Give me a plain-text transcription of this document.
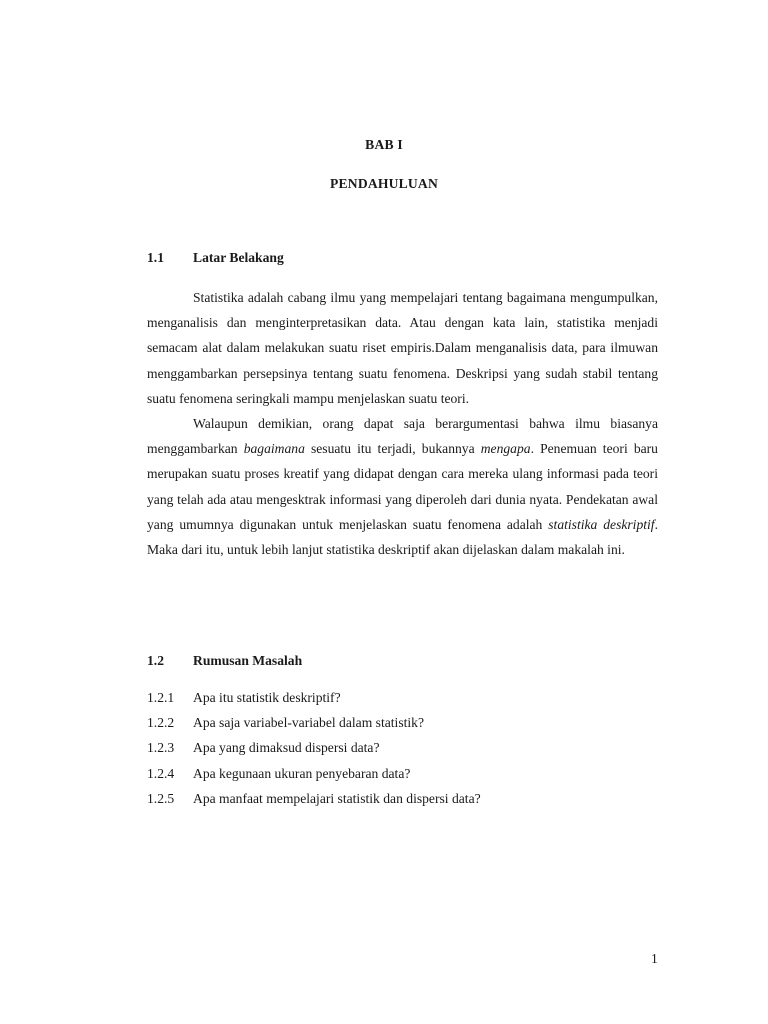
BAB I
PENDAHULUAN
1.1 Latar Belakang

Statistika adalah cabang ilmu yang mempelajari tentang bagaimana mengumpulkan, menganalisis dan menginterpretasikan data. Atau dengan kata lain, statistika menjadi semacam alat dalam melakukan suatu riset empiris.Dalam menganalisis data, para ilmuwan menggambarkan persepsinya tentang suatu fenomena. Deskripsi yang sudah stabil tentang suatu fenomena seringkali mampu menjelaskan suatu teori.

Walaupun demikian, orang dapat saja berargumentasi bahwa ilmu biasanya menggambarkan bagaimana sesuatu itu terjadi, bukannya mengapa. Penemuan teori baru merupakan suatu proses kreatif yang didapat dengan cara mereka ulang informasi pada teori yang telah ada atau mengesktrak informasi yang diperoleh dari dunia nyata. Pendekatan awal yang umumnya digunakan untuk menjelaskan suatu fenomena adalah statistika deskriptif. Maka dari itu, untuk lebih lanjut statistika deskriptif akan dijelaskan dalam makalah ini.

1.2 Rumusan Masalah
1.2.1 Apa itu statistik deskriptif?
1.2.2 Apa saja variabel-variabel dalam statistik?
1.2.3 Apa yang dimaksud dispersi data?
1.2.4 Apa kegunaan ukuran penyebaran data?
1.2.5 Apa manfaat mempelajari statistik dan dispersi data?
1
